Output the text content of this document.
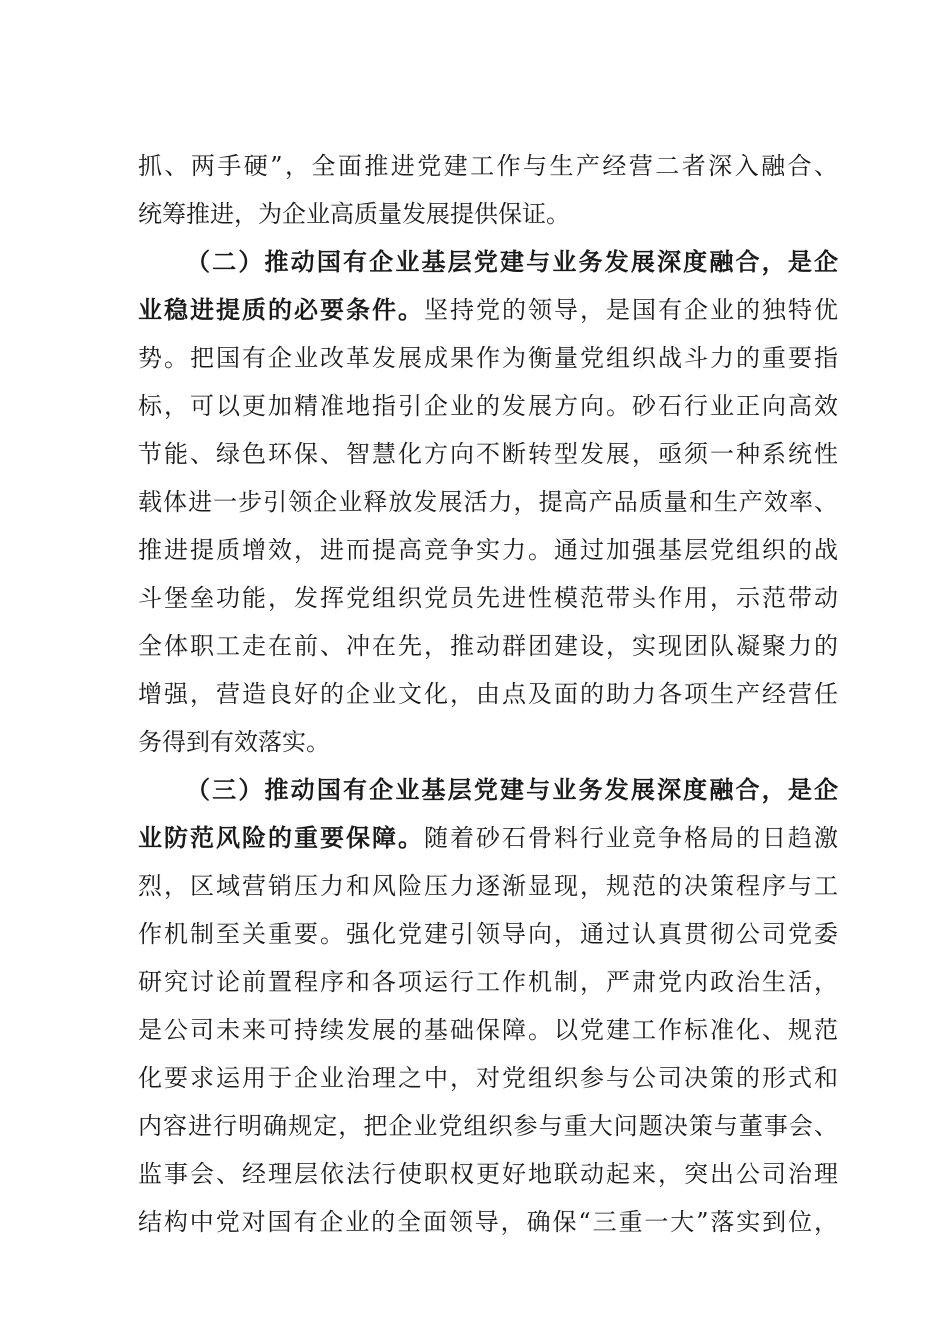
抓、两手硬”，全面推进党建工作与生产经营二者深入融合、
统筹推进，为企业高质量发展提供保证。
（二）推动国有企业基层党建与业务发展深度融合，是企
业稳进提质的必要条件。坚持党的领导，是国有企业的独特优
势。把国有企业改革发展成果作为衡量党组织战斗力的重要指
标，可以更加精准地指引企业的发展方向。砂石行业正向高效
节能、绿色环保、智慧化方向不断转型发展，亟须一种系统性
载体进一步引领企业释放发展活力，提高产品质量和生产效率、
推进提质增效，进而提高竞争实力。通过加强基层党组织的战
斗堡垒功能，发挥党组织党员先进性模范带头作用，示范带动
全体职工走在前、冲在先，推动群团建设，实现团队凝聚力的
增强，营造良好的企业文化，由点及面的助力各项生产经营任
务得到有效落实。
（三）推动国有企业基层党建与业务发展深度融合，是企
业防范风险的重要保障。随着砂石骨料行业竞争格局的日趋激
烈，区域营销压力和风险压力逐渐显现，规范的决策程序与工
作机制至关重要。强化党建引领导向，通过认真贯彻公司党委
研究讨论前置程序和各项运行工作机制，严肃党内政治生活，
是公司未来可持续发展的基础保障。以党建工作标准化、规范
化要求运用于企业治理之中，对党组织参与公司决策的形式和
内容进行明确规定，把企业党组织参与重大问题决策与董事会、
监事会、经理层依法行使职权更好地联动起来，突出公司治理
结构中党对国有企业的全面领导，确保“三重一大”落实到位，
